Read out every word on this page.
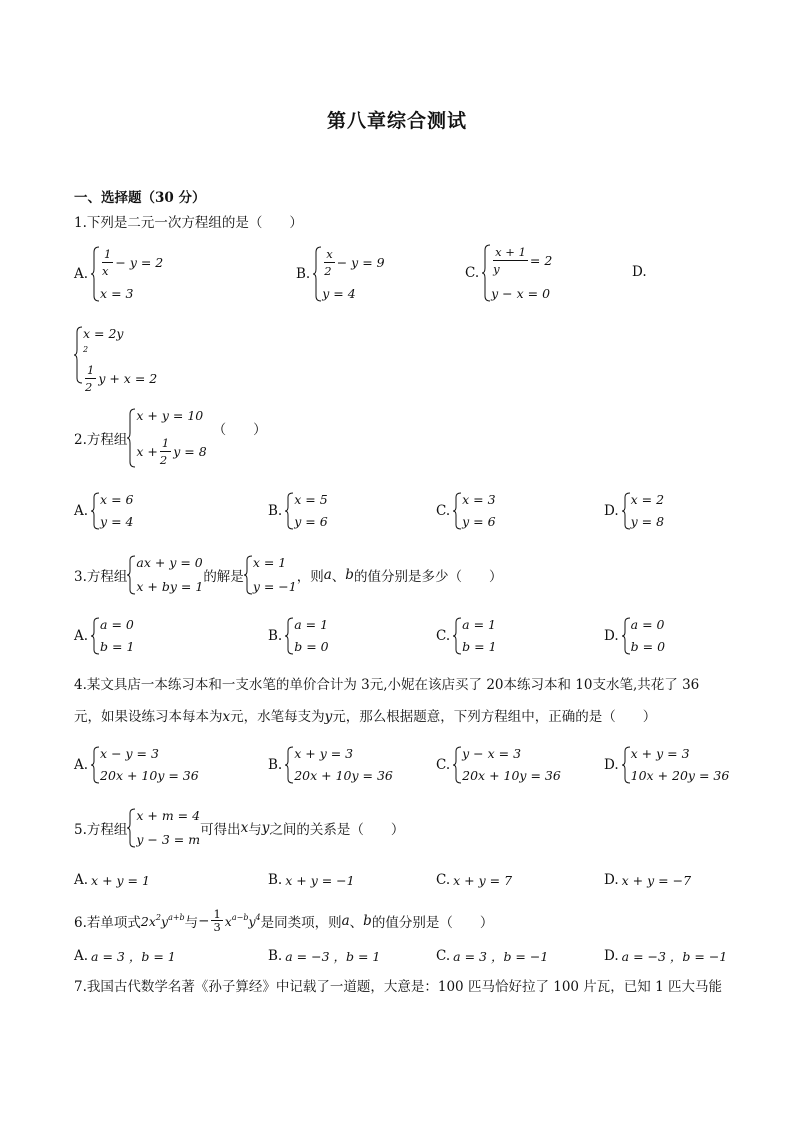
第八章综合测试
一、选择题（30 分）
1.下列是二元一次方程组的是（　　）
A. $\frac{1}{x} - y = 2$
x = 3
B. $\frac{x}{2} - y = 9$
y = 4
C. $\frac{x + 1}{y} = 2$
y − x = 0
D.
x = 2y
$^2$
$\frac{1}{2}$ y + x = 2
2.方程组
x + y = 10
$x + \frac{1}{2}$ y = 8
（　　）
A.
x = 6
y = 4
B.
x = 5
y = 6
C.
x = 3
y = 6
D.
x = 2
y = 8
3.方程组
ax + y = 0
x + by = 1
的解是
x = 1
y = −1
，则 a 、 b 的值分别是多少（　　）
A.
a = 0
b = 1
B.
a = 1
b = 0
C.
a = 1
b = 1
D.
a = 0
b = 0
4.某文具店一本练习本和一支水笔的单价合计为 3元,小妮在该店买了 20本练习本和 10支水笔,共花了 36
元，如果设练习本每本为x元，水笔每支为y元，那么根据题意，下列方程组中，正确的是（　　）
A.
x − y = 3
20x + 10y = 36
B.
x + y = 3
20x + 10y = 36
C.
y − x = 3
20x + 10y = 36
D.
x + y = 3
10x + 20y = 36
5.方程组
x + m = 4
y − 3 = m
可得出 x 与 y 之间的关系是（　　）
A. x + y = 1	B. x + y = −1	C. x + y = 7	D. x + y = −7
6.若单项式 $2x^2y^{a+b}$ 与 − $\frac{1}{3} x^{a-b}y^4$ 是同类项，则 a 、 b 的值分别是（　　）
A. a = 3 ，b = 1	B. a = −3 ，b = 1	C. a = 3 ，b = −1	D. a = −3 ，b = −1
7.我国古代数学名著《孙子算经》中记载了一道题，大意是：100 匹马恰好拉了 100 片瓦，已知 1 匹大马能
